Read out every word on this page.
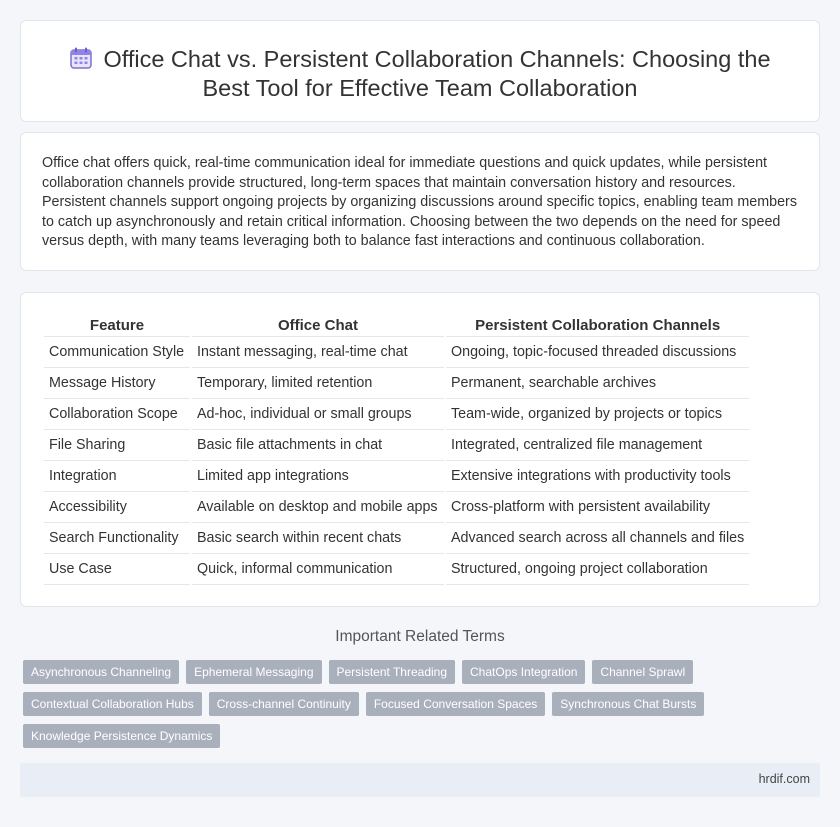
Office Chat vs. Persistent Collaboration Channels: Choosing the Best Tool for Effective Team Collaboration

Office chat offers quick, real-time communication ideal for immediate questions and quick updates, while persistent collaboration channels provide structured, long-term spaces that maintain conversation history and resources. Persistent channels support ongoing projects by organizing discussions around specific topics, enabling team members to catch up asynchronously and retain critical information. Choosing between the two depends on the need for speed versus depth, with many teams leveraging both to balance fast interactions and continuous collaboration.

Feature	Office Chat	Persistent Collaboration Channels
Communication Style	Instant messaging, real-time chat	Ongoing, topic-focused threaded discussions
Message History	Temporary, limited retention	Permanent, searchable archives
Collaboration Scope	Ad-hoc, individual or small groups	Team-wide, organized by projects or topics
File Sharing	Basic file attachments in chat	Integrated, centralized file management
Integration	Limited app integrations	Extensive integrations with productivity tools
Accessibility	Available on desktop and mobile apps	Cross-platform with persistent availability
Search Functionality	Basic search within recent chats	Advanced search across all channels and files
Use Case	Quick, informal communication	Structured, ongoing project collaboration
Important Related Terms
Asynchronous Channeling	Ephemeral Messaging	Persistent Threading	ChatOps Integration	Channel Sprawl
Contextual Collaboration Hubs	Cross-channel Continuity	Focused Conversation Spaces	Synchronous Chat Bursts
Knowledge Persistence Dynamics
hrdif.com
